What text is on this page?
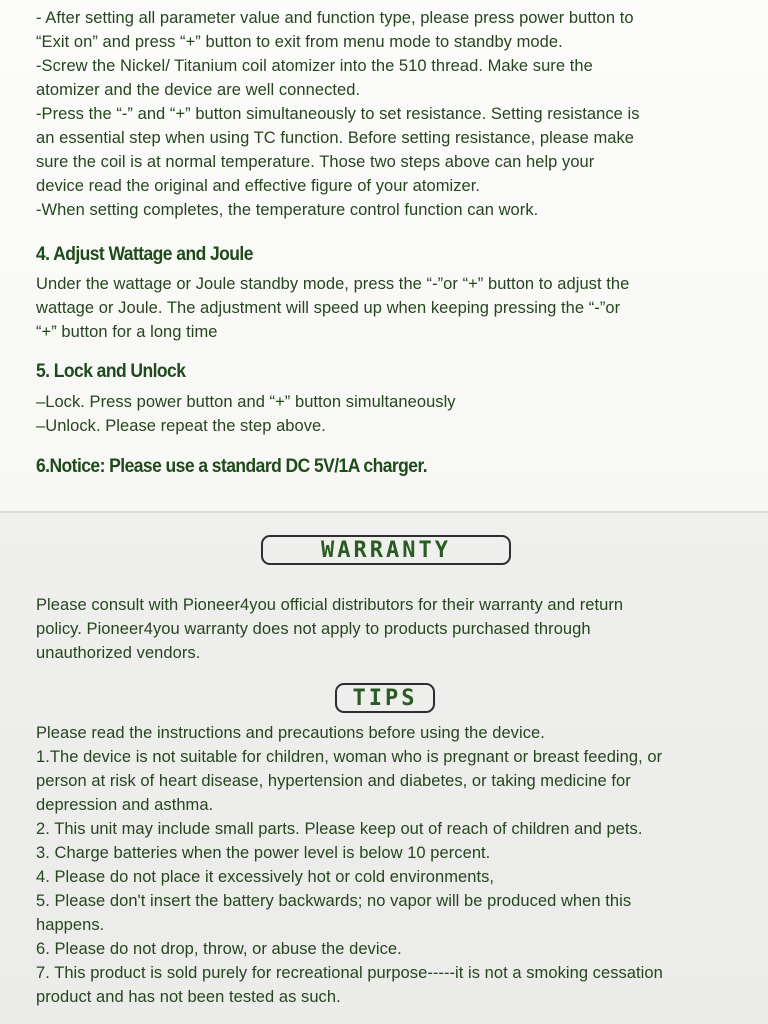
- After setting all parameter value and function type, please press power button to
“Exit on” and press “+” button to exit from menu mode to standby mode.
-Screw the Nickel/ Titanium coil atomizer into the 510 thread. Make sure the
atomizer and the device are well connected.
-Press the “-” and “+” button simultaneously to set resistance. Setting resistance is
an essential step when using TC function. Before setting resistance, please make
sure the coil is at normal temperature. Those two steps above can help your
device read the original and effective figure of your atomizer.
-When setting completes, the temperature control function can work.
4. Adjust Wattage and Joule
Under the wattage or Joule standby mode, press the “-”or “+” button to adjust the
wattage or Joule. The adjustment will speed up when keeping pressing the “-”or
“+” button for a long time
5. Lock and Unlock
–Lock. Press power button and “+” button simultaneously
–Unlock. Please repeat the step above.
6.Notice: Please use a standard DC 5V/1A charger.
WARRANTY
Please consult with Pioneer4you official distributors for their warranty and return
policy. Pioneer4you warranty does not apply to products purchased through
unauthorized vendors.
TIPS
Please read the instructions and precautions before using the device.
1.The device is not suitable for children, woman who is pregnant or breast feeding, or
person at risk of heart disease, hypertension and diabetes, or taking medicine for
depression and asthma.
2. This unit may include small parts. Please keep out of reach of children and pets.
3. Charge batteries when the power level is below 10 percent.
4. Please do not place it excessively hot or cold environments,
5. Please don't insert the battery backwards; no vapor will be produced when this
happens.
6. Please do not drop, throw, or abuse the device.
7. This product is sold purely for recreational purpose-----it is not a smoking cessation
product and has not been tested as such.
